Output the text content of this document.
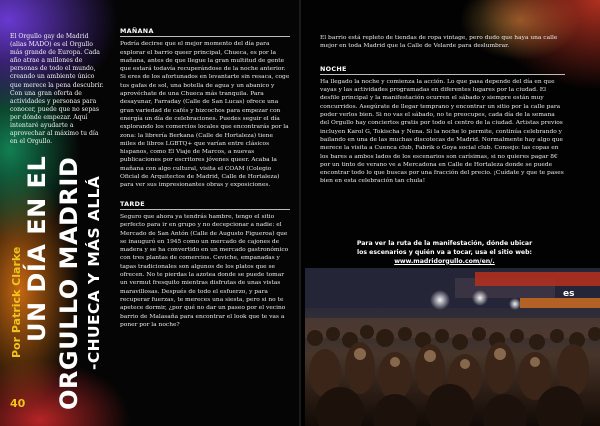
El Orgullo gay de Madrid (alias MADO) es el Orgullo más grande de Europa. Cada año atrae a millones de personas de todo el mundo, creando un ambiente único que merece la pena descubrir. Con una gran oferta de actividades y personas para conocer, puede que no sepas por dónde empezar. Aquí intentaré ayudarte a aprovechar al máximo tu día en el Orgullo.
Por Patrick Clarke UN DÍA EN EL ORGULLO MADRID -CHUECA Y MÁS ALLÁ
40
MAÑANA
Podría decirse que el mejor momento del día para explorar el barrio queer principal, Chueca, es por la mañana, antes de que llegue la gran multitud de gente que estará todavía recuperándose de la noche anterior. Si eres de los afortunados en levantarte sin resaca, coge tus gafas de sol, una botella de agua y un abanico y aprovéchate de una Chueca más tranquila. Para desayunar, Farraday (Calle de San Lucas) ofrece una gran variedad de cafés y bizcochos para empezar con energía un día de celebraciones. Puedes seguir el día explorando los comercios locales que encontrarás por la zona: la librería Berkana (Calle de Hortaleza) tiene miles de libros LGBTQ+ que varían entre clásicos hispanos, como El Viaje de Marcos, a nuevas publicaciones por escritores jóvenes queer. Acaba la mañana con algo cultural, visita el COAM (Colegio Oficial de Arquitectos de Madrid, Calle de Hortaleza) para ver sus impresionantes obras y exposiciones.
TARDE
Seguro que ahora ya tendrás hambre, tengo el sitio perfecto para ir en grupo y no decepcionar a nadie: el Mercado de San Antón (Calle de Augusto Figueroa) que se inauguró en 1945 como un mercado de cajones de madera y se ha convertido en un mercado gastronómico con tres plantas de comercios. Ceviche, empanadas y tapas tradicionales son algunos de los platos que se ofrecen. No te pierdas la azotea donde se puede tomar un vermut fresquito mientras disfrutas de unas vistas maravillosas. Después de todo el esfuerzo, y para recuperar fuerzas, te mereces una siesta, pero si no te apetece dormir, ¿por qué no dar un paseo por el vecino barrio de Malasaña para encontrar el look que te vas a poner por la noche?
El barrio está repleto de tiendas de ropa vintage, pero dudo que haya una calle mejor en toda Madrid que la Calle de Velarde para deslumbrar.
NOCHE
Ha llegado la noche y comienza la acción. Lo que pasa depende del día en que vayas y las actividades programadas en diferentes lugares por la ciudad. El desfile principal y la manifestación ocurren el sábado y siempre están muy concurridos. Asegúrate de llegar temprano y encontrar un sitio por la calle para poder verlos bien. Si no vas el sábado, no te preocupes, cada día de la semana del Orgullo hay conciertos gratis por todo el centro de la ciudad. Artistas previos incluyen Karol G, Tokischa y Nena. Si la noche lo permite, continúa celebrando y bailando en una de las muchas discotecas de Madrid. Normalmente hay algo que merece la visita a Cuenca club, Fabrik o Goya social club. Consejo: las copas en los bares a ambos lados de los escenarios son carísimas, si no quieres pagar 8€ por un tinto de verano ve a Mercadona en Calle de Hortaleza donde se puede encontrar todo lo que buscas por una fracción del precio. ¡Cuídate y que te pases bien en esta celebración tan chula!
Para ver la ruta de la manifestación, dónde ubicar los escenarios y quién va a tocar, usa el sitio web:
www.madridorgullo.com/en/.
es
